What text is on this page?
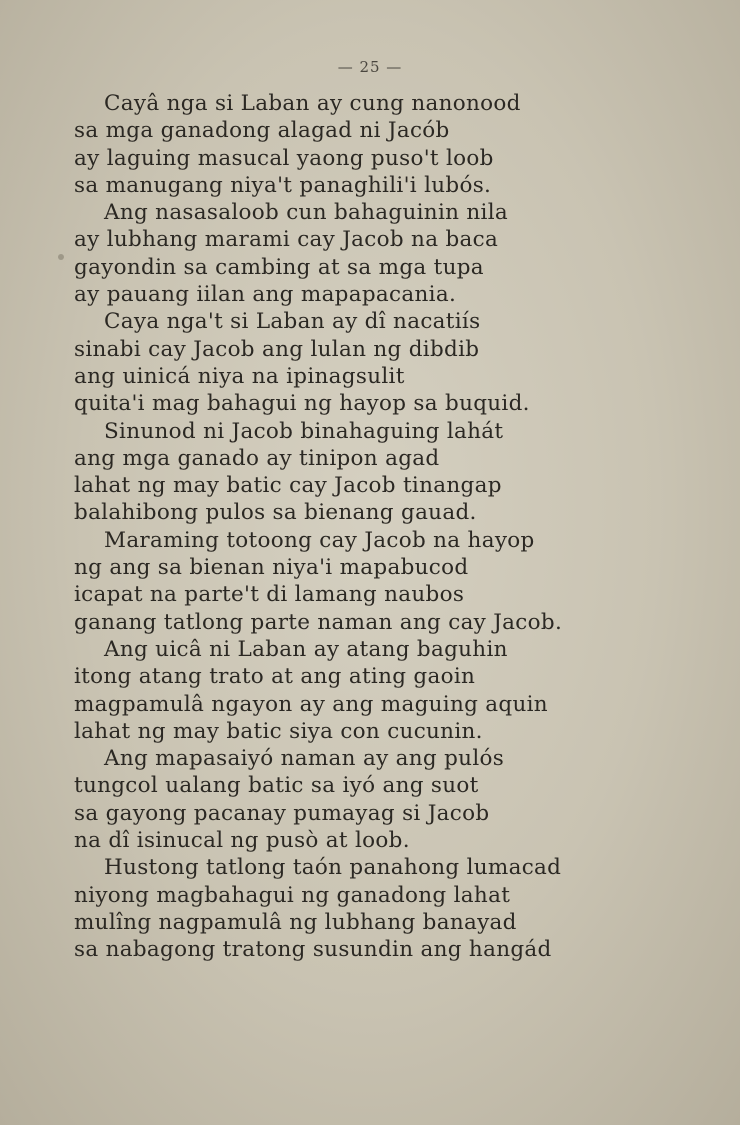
— 25 —
Cayâ nga si Laban ay cung nanonood
sa mga ganadong alagad ni Jacób
ay laguing masucal yaong puso't loob
sa manugang niya't panaghili'i lubós.
Ang nasasaloob cun bahaguinin nila
ay lubhang marami cay Jacob na baca
gayondin sa cambing at sa mga tupa
ay pauang iilan ang mapapacania.
Caya nga't si Laban ay dî nacatiís
sinabi cay Jacob ang lulan ng dibdib
ang uinicá niya na ipinagsulit
quita'i mag bahagui ng hayop sa buquid.
Sinunod ni Jacob binahaguing lahát
ang mga ganado ay tinipon agad
lahat ng may batic cay Jacob tinangap
balahibong pulos sa bienang gauad.
Maraming totoong cay Jacob na hayop
ng ang sa bienan niya'i mapabucod
icapat na parte't di lamang naubos
ganang tatlong parte naman ang cay Jacob.
Ang uicâ ni Laban ay atang baguhin
itong atang trato at ang ating gaoin
magpamulâ ngayon ay ang maguing aquin
lahat ng may batic siya con cucunin.
Ang mapasaiyó naman ay ang pulós
tungcol ualang batic sa iyó ang suot
sa gayong pacanay pumayag si Jacob
na dî isinucal ng pusò at loob.
Hustong tatlong taón panahong lumacad
niyong magbahagui ng ganadong lahat
mulîng nagpamulâ ng lubhang banayad
sa nabagong tratong susundin ang hangád
